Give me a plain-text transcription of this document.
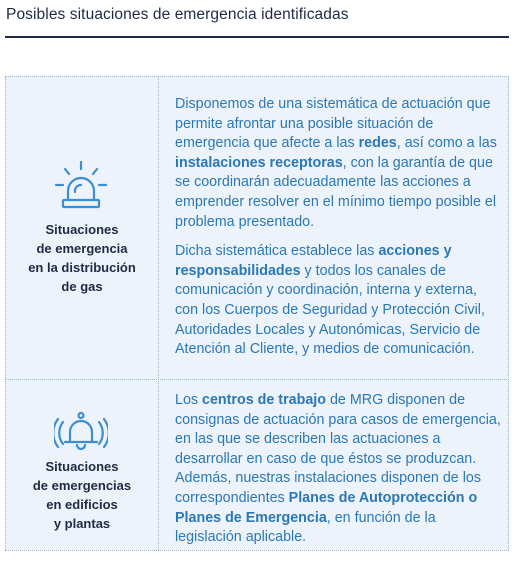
Posibles situaciones de emergencia identificadas
Situaciones
de emergencia
en la distribución
de gas

Disponemos de una sistemática de actuación que permite afrontar una posible situación de emergencia que afecte a las redes, así como a las instalaciones receptoras, con la garantía de que se coordinarán adecuadamente las acciones a emprender resolver en el mínimo tiempo posible el problema presentado.

Dicha sistemática establece las acciones y responsabilidades y todos los canales de comunicación y coordinación, interna y externa, con los Cuerpos de Seguridad y Protección Civil, Autoridades Locales y Autonómicas, Servicio de Atención al Cliente, y medios de comunicación.

Situaciones
de emergencias
en edificios
y plantas

Los centros de trabajo de MRG disponen de consignas de actuación para casos de emergencia, en las que se describen las actuaciones a desarrollar en caso de que éstos se produzcan. Además, nuestras instalaciones disponen de los correspondientes Planes de Autoprotección o Planes de Emergencia, en función de la legislación aplicable.
